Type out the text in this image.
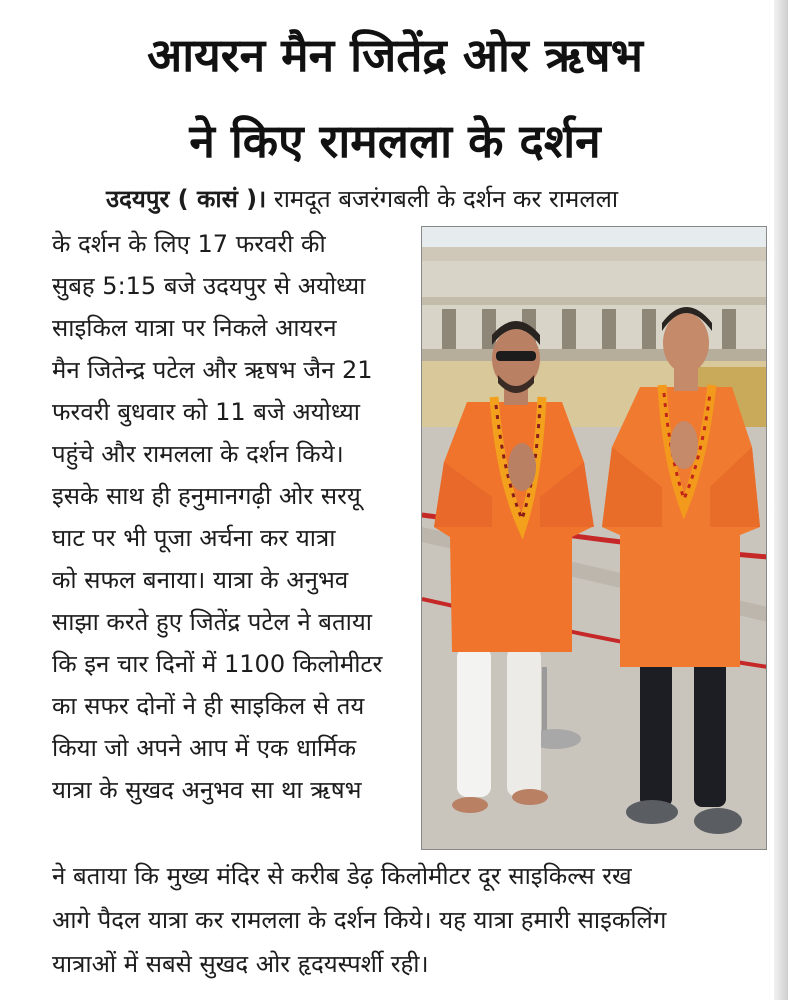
आयरन मैन जितेंद्र ओर ऋषभ
ने किए रामलला के दर्शन
उदयपुर ( कासं )। रामदूत बजरंगबली के दर्शन कर रामलला
के दर्शन के लिए 17 फरवरी की
सुबह 5:15 बजे उदयपुर से अयोध्या
साइकिल यात्रा पर निकले आयरन
मैन जितेन्द्र पटेल और ऋषभ जैन 21
फरवरी बुधवार को 11 बजे अयोध्या
पहुंचे और रामलला के दर्शन किये।
इसके साथ ही हनुमानगढ़ी ओर सरयू
घाट पर भी पूजा अर्चना कर यात्रा
को सफल बनाया। यात्रा के अनुभव
साझा करते हुए जितेंद्र पटेल ने बताया
कि इन चार दिनों में 1100 किलोमीटर
का सफर दोनों ने ही साइकिल से तय
किया जो अपने आप में एक धार्मिक
यात्रा के सुखद अनुभव सा था ऋषभ
ने बताया कि मुख्य मंदिर से करीब डेढ़ किलोमीटर दूर साइकिल्स रख
आगे पैदल यात्रा कर रामलला के दर्शन किये। यह यात्रा हमारी साइकलिंग
यात्राओं में सबसे सुखद ओर हृदयस्पर्शी रही।
